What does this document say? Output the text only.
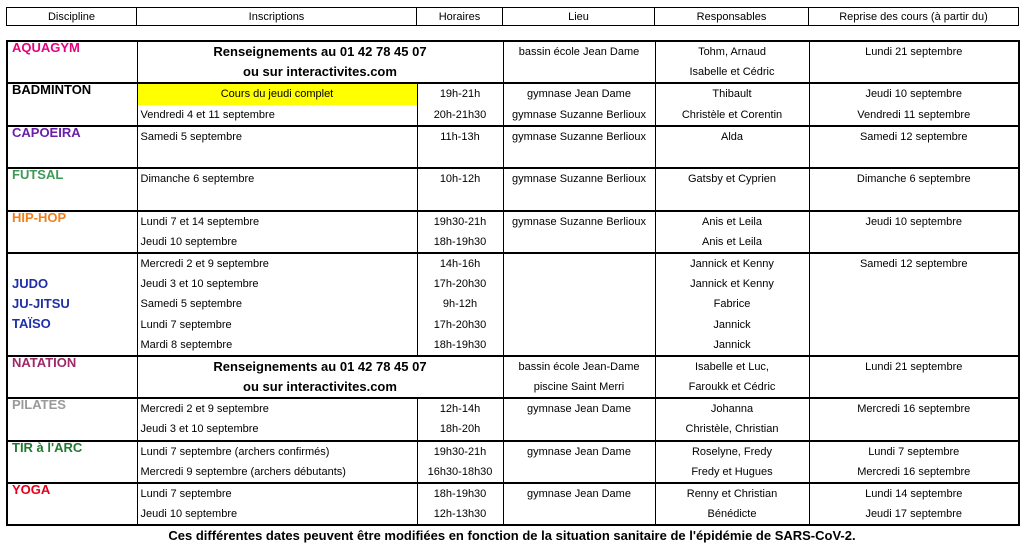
Discipline	Inscriptions	Horaires	Lieu	Responsables	Reprise des cours (à partir du)
AQUAGYM	Renseignements au 01 42 78 45 07		bassin école Jean Dame	Tohm, Arnaud	Lundi 21 septembre
	ou sur interactivites.com			Isabelle et Cédric	
BADMINTON	Cours du jeudi complet	19h-21h	gymnase Jean Dame	Thibault	Jeudi 10 septembre
	Vendredi 4 et 11 septembre	20h-21h30	gymnase Suzanne Berlioux	Christèle et Corentin	Vendredi 11 septembre
CAPOEIRA	Samedi 5 septembre	11h-13h	gymnase Suzanne Berlioux	Alda	Samedi 12 septembre

FUTSAL	Dimanche 6 septembre	10h-12h	gymnase Suzanne Berlioux	Gatsby et Cyprien	Dimanche 6 septembre

HIP-HOP	Lundi 7 et 14 septembre	19h30-21h	gymnase Suzanne Berlioux	Anis et Leila	Jeudi 10 septembre
	Jeudi 10 septembre	18h-19h30		Anis et Leila	

JUDO
JU-JITSU
TAÏSO	Mercredi 2 et 9 septembre	14h-16h		Jannick et Kenny	Samedi 12 septembre
	Jeudi 3 et 10 septembre	17h-20h30		Jannick et Kenny	
	Samedi 5 septembre	9h-12h		Fabrice	
	Lundi 7 septembre	17h-20h30		Jannick	
	Mardi 8 septembre	18h-19h30		Jannick	
NATATION	Renseignements au 01 42 78 45 07		bassin école Jean-Dame	Isabelle et Luc,	Lundi 21 septembre
	ou sur interactivites.com		piscine Saint Merri	Faroukk et Cédric	
PILATES	Mercredi 2 et 9 septembre	12h-14h	gymnase Jean Dame	Johanna	Mercredi 16 septembre
	Jeudi 3 et 10 septembre	18h-20h		Christèle, Christian	
TIR à l'ARC	Lundi 7 septembre (archers confirmés)	19h30-21h	gymnase Jean Dame	Roselyne, Fredy	Lundi 7 septembre
	Mercredi 9 septembre (archers débutants)	16h30-18h30		Fredy et Hugues	Mercredi 16 septembre
YOGA	Lundi 7 septembre	18h-19h30	gymnase Jean Dame	Renny et Christian	Lundi 14 septembre
	Jeudi 10 septembre	12h-13h30		Bénédicte	Jeudi 17 septembre
Ces différentes dates peuvent être modifiées en fonction de la situation sanitaire de l'épidémie de SARS-CoV-2.
